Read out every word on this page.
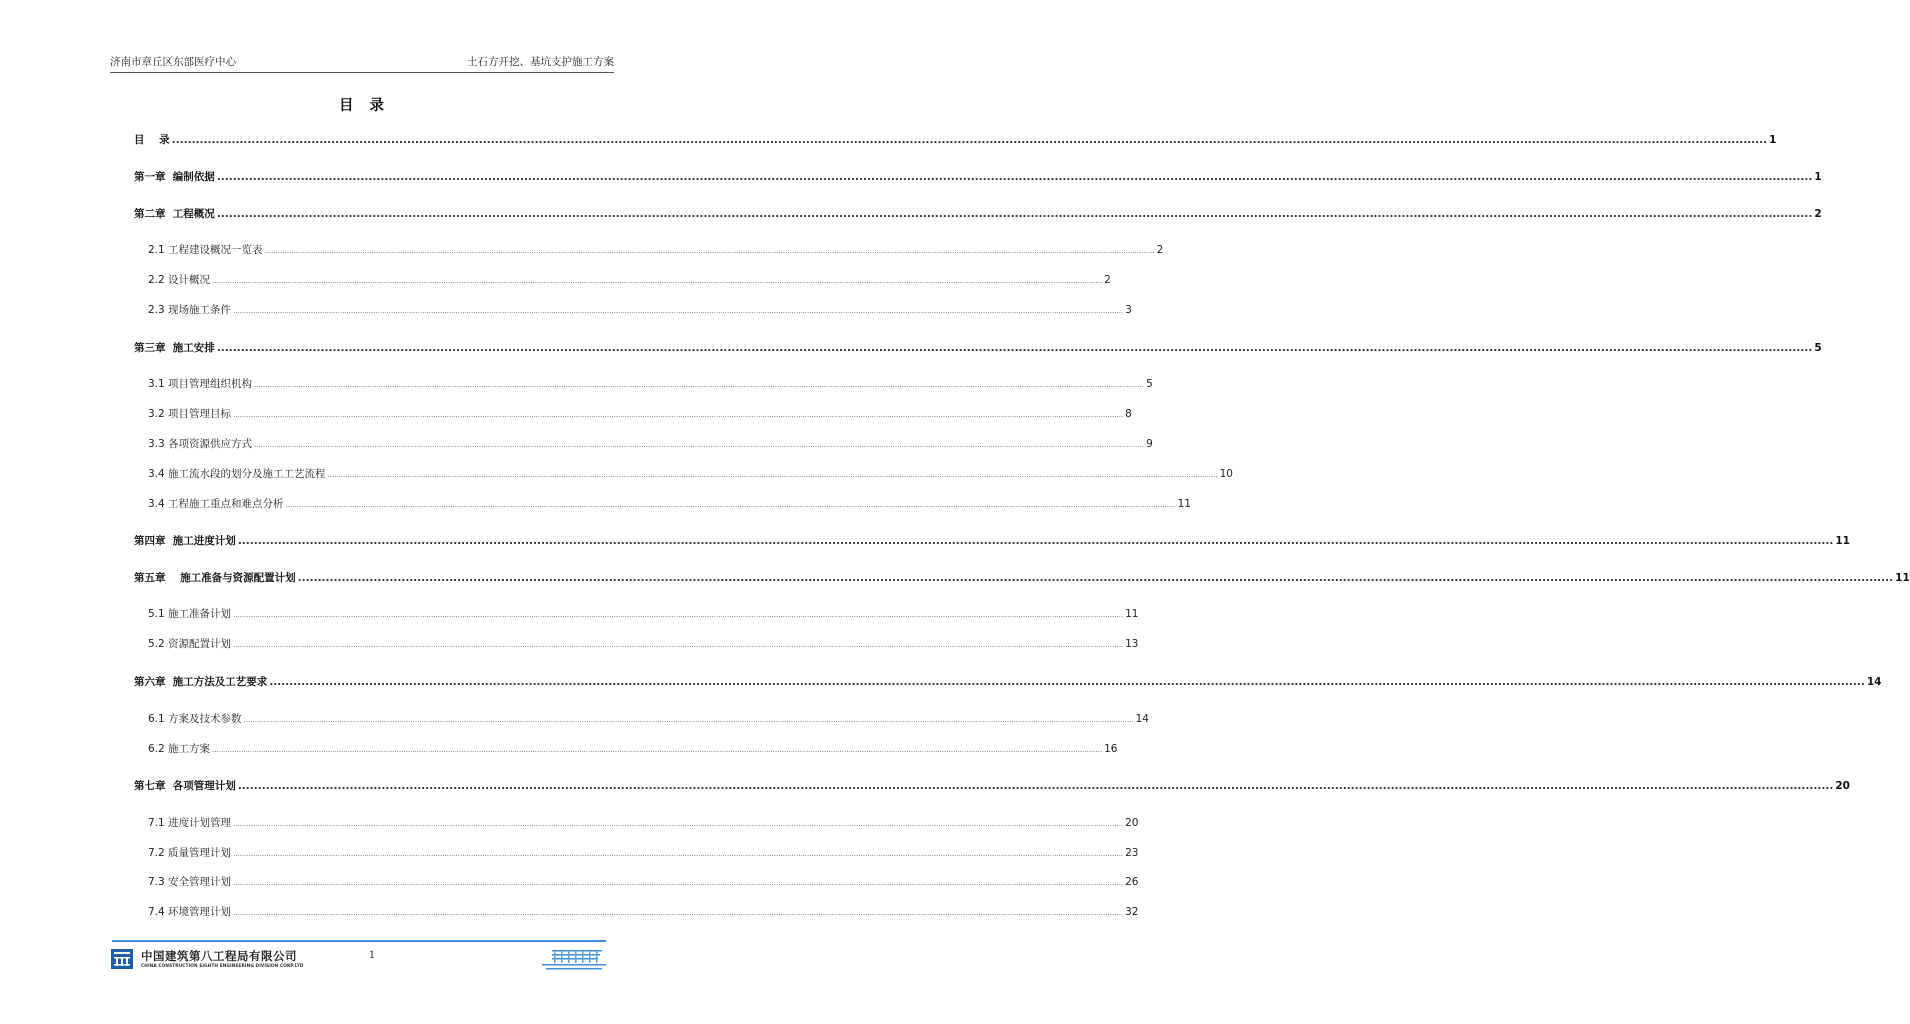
济南市章丘区东部医疗中心	土石方开挖、基坑支护施工方案
目 录
目    录 ................................................................................................................................................................................................................................................................................................................................................................................................................ 1
第一章  编制依据 ................................................................................................................................................................................................................................................................................................................................................................................................................ 1
第二章  工程概况 ................................................................................................................................................................................................................................................................................................................................................................................................................ 2
2.1 工程建设概况一览表 ................................................................................................................................................................................................................................................................................................................................................................................................................ 2
2.2 设计概况 ................................................................................................................................................................................................................................................................................................................................................................................................................ 2
2.3 现场施工条件 ................................................................................................................................................................................................................................................................................................................................................................................................................ 3
第三章  施工安排 ................................................................................................................................................................................................................................................................................................................................................................................................................ 5
3.1 项目管理组织机构 ................................................................................................................................................................................................................................................................................................................................................................................................................ 5
3.2 项目管理目标 ................................................................................................................................................................................................................................................................................................................................................................................................................ 8
3.3 各项资源供应方式 ................................................................................................................................................................................................................................................................................................................................................................................................................ 9
3.4 施工流水段的划分及施工工艺流程 ................................................................................................................................................................................................................................................................................................................................................................................................................ 10
3.4 工程施工重点和难点分析 ................................................................................................................................................................................................................................................................................................................................................................................................................ 11
第四章  施工进度计划 ................................................................................................................................................................................................................................................................................................................................................................................................................ 11
第五章    施工准备与资源配置计划 ................................................................................................................................................................................................................................................................................................................................................................................................................ 11
5.1 施工准备计划 ................................................................................................................................................................................................................................................................................................................................................................................................................ 11
5.2 资源配置计划 ................................................................................................................................................................................................................................................................................................................................................................................................................ 13
第六章  施工方法及工艺要求 ................................................................................................................................................................................................................................................................................................................................................................................................................ 14
6.1 方案及技术参数 ................................................................................................................................................................................................................................................................................................................................................................................................................ 14
6.2 施工方案 ................................................................................................................................................................................................................................................................................................................................................................................................................ 16
第七章  各项管理计划 ................................................................................................................................................................................................................................................................................................................................................................................................................ 20
7.1 进度计划管理 ................................................................................................................................................................................................................................................................................................................................................................................................................ 20
7.2 质量管理计划 ................................................................................................................................................................................................................................................................................................................................................................................................................ 23
7.3 安全管理计划 ................................................................................................................................................................................................................................................................................................................................................................................................................ 26
7.4 环境管理计划 ................................................................................................................................................................................................................................................................................................................................................................................................................ 32
中国建筑第八工程局有限公司
CHINA CONSTRUCTION EIGHTH ENGINEERING DIVISION CORP.LTD
1
